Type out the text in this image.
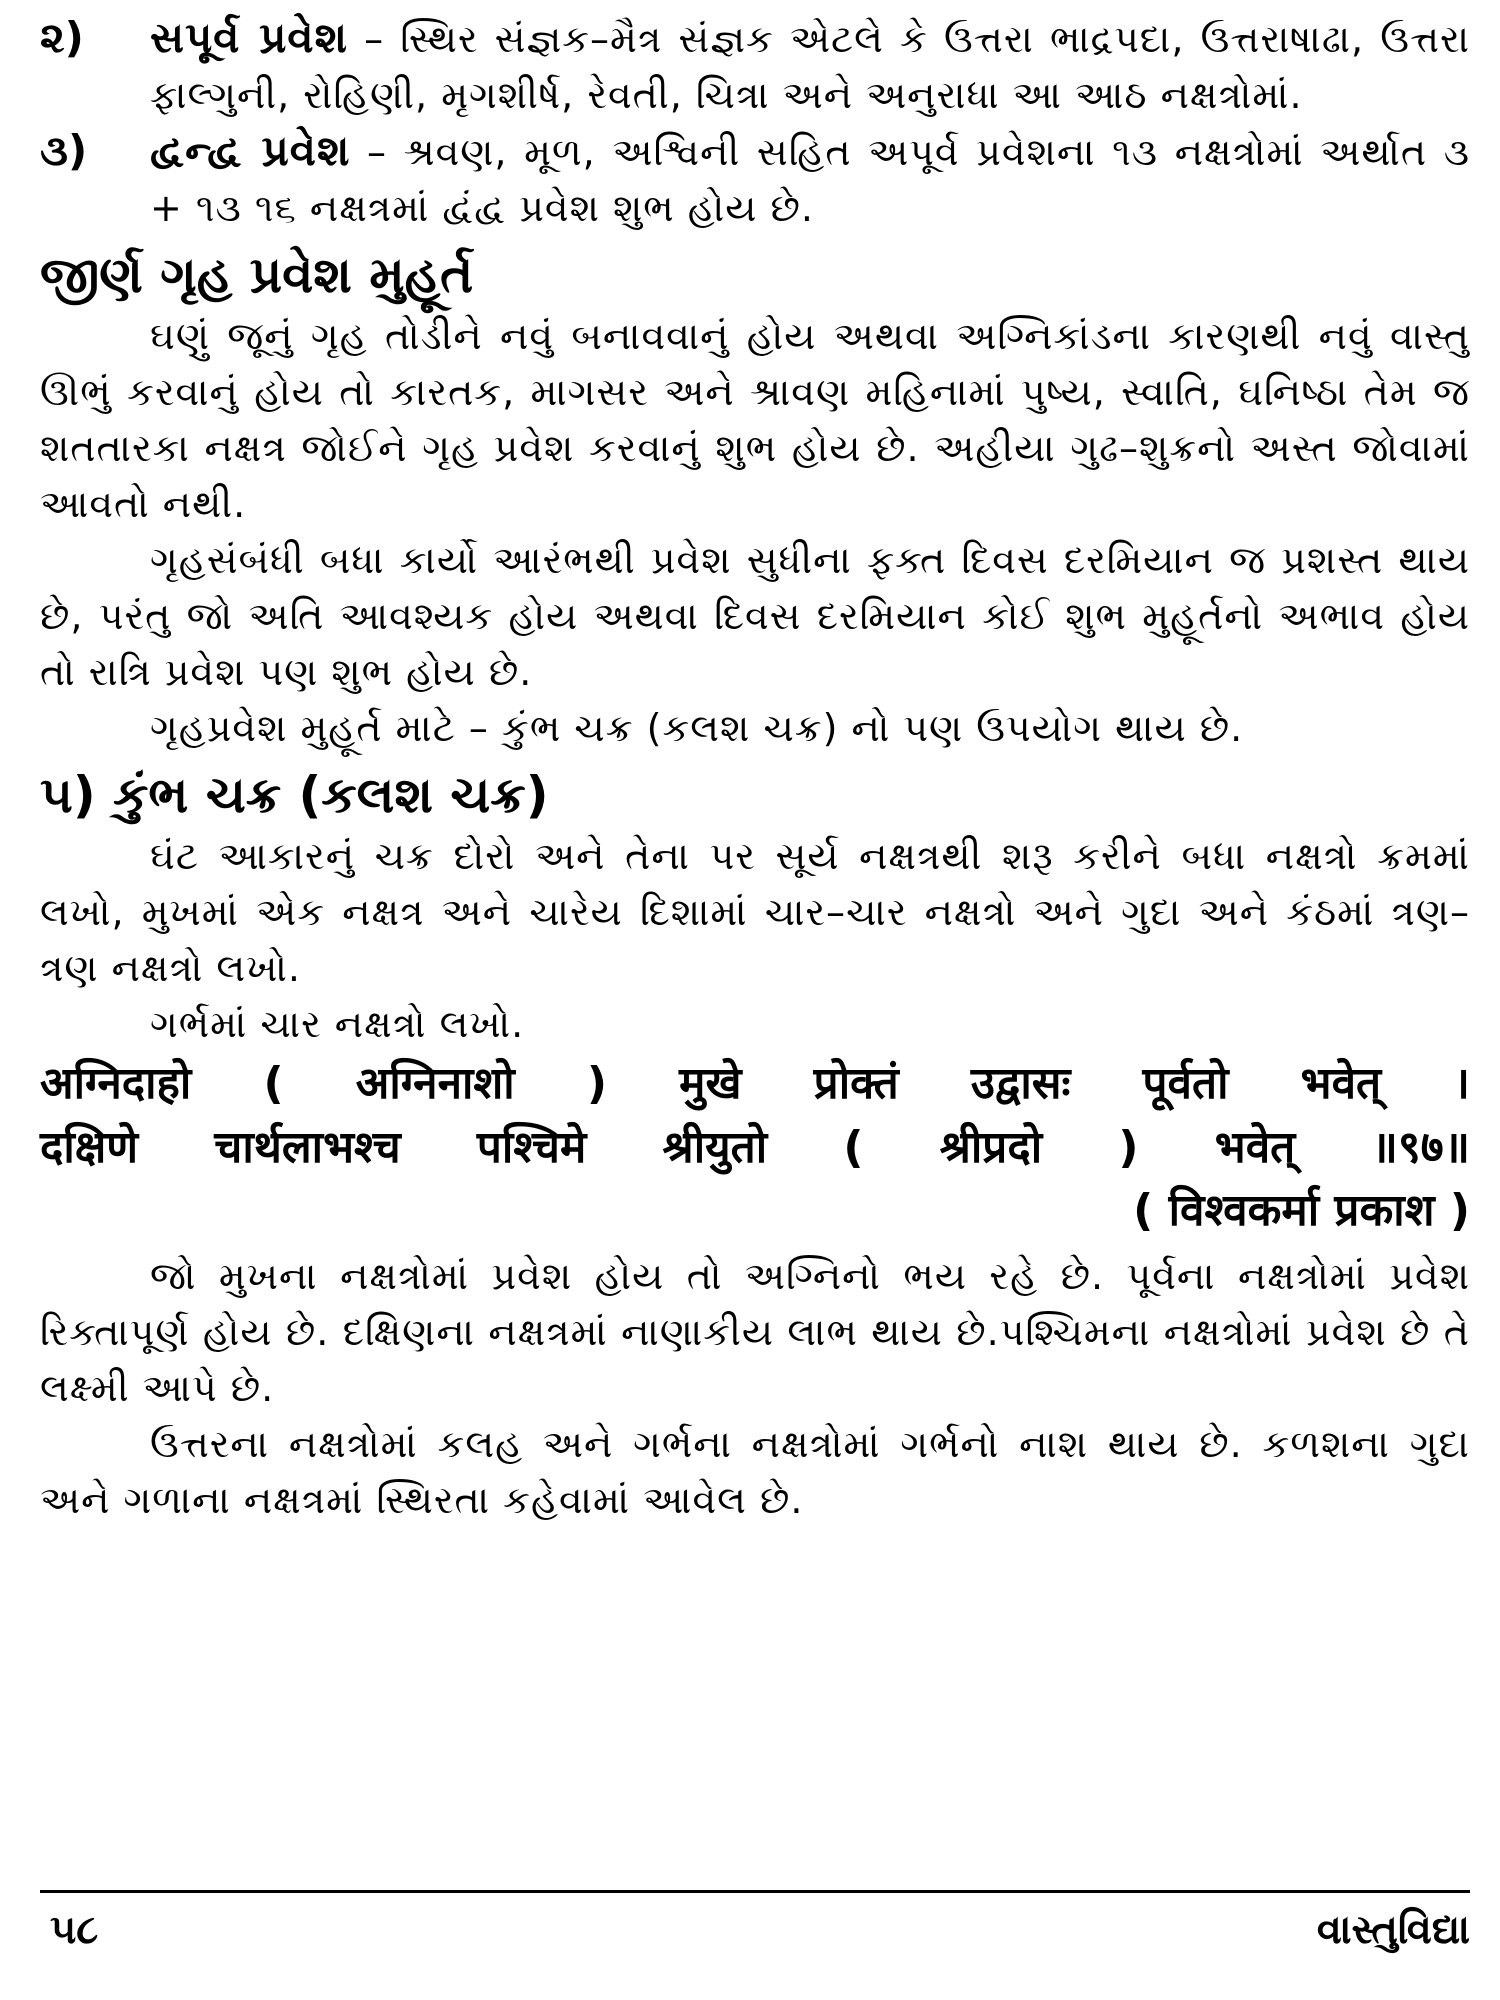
૨)	સપૂર્વ પ્રવેશ – સ્થિર સંજ્ઞક–મૈત્ર સંજ્ઞક એટલે કે ઉત્તરા ભાદ્રપદા, ઉત્તરાષાઢા, ઉત્તરા ફાલ્ગુની, રોહિણી, મૃગશીર્ષ, રેવતી, ચિત્રા અને અનુરાધા આ આઠ નક્ષત્રોમાં.
૩)	દ્વન્દ્વ પ્રવેશ – શ્રવણ, મૂળ, અશ્વિની સહિત અપૂર્વ પ્રવેશના ૧૩ નક્ષત્રોમાં અર્થાત ૩ + ૧૩ ૧૬ નક્ષત્રમાં દ્વંદ્વ પ્રવેશ શુભ હોય છે.
જીર્ણ ગૃહ પ્રવેશ મુહૂર્ત

ઘણું જૂનું ગૃહ તોડીને નવું બનાવવાનું હોય અથવા અગ્નિકાંડના કારણથી નવું વાસ્તુ ઊભું કરવાનું હોય તો કારતક, માગસર અને શ્રાવણ મહિનામાં પુષ્ય, સ્વાતિ, ઘનિષ્ઠા તેમ જ શતતારકા નક્ષત્ર જોઈને ગૃહ પ્રવેશ કરવાનું શુભ હોય છે. અહીયા ગુઢ–શુક્રનો અસ્ત જોવામાં આવતો નથી.

ગૃહસંબંધી બધા કાર્યો આરંભથી પ્રવેશ સુધીના ફક્ત દિવસ દરમિયાન જ પ્રશસ્ત થાય છે, પરંતુ જો અતિ આવશ્યક હોય અથવા દિવસ દરમિયાન કોઈ શુભ મુહૂર્તનો અભાવ હોય તો રાત્રિ પ્રવેશ પણ શુભ હોય છે.

ગૃહપ્રવેશ મુહૂર્ત માટે – કુંભ ચક્ર (કલશ ચક્ર) નો પણ ઉપયોગ થાય છે.

૫) કુંભ ચક્ર (કલશ ચક્ર)

ઘંટ આકારનું ચક્ર દોરો અને તેના પર સૂર્ય નક્ષત્રથી શરૂ કરીને બધા નક્ષત્રો ક્રમમાં લખો, મુખમાં એક નક્ષત્ર અને ચારેય દિશામાં ચાર–ચાર નક્ષત્રો અને ગુદા અને કંઠમાં ત્રણ–ત્રણ નક્ષત્રો લખો.

ગર્ભમાં ચાર નક્ષત્રો લખો.

अग्निदाहो ( अग्निनाशो ) मुखे प्रोक्तं उद्वासः पूर्वतो भवेत् ।

दक्षिणे चार्थलाभश्च पश्चिमे श्रीयुतो ( श्रीप्रदो ) भवेत् ॥९७॥

( विश्वकर्मा प्रकाश )

જો મુખના નક્ષત્રોમાં પ્રવેશ હોય તો અગ્નિનો ભય રહે છે. પૂર્વના નક્ષત્રોમાં પ્રવેશ રિક્તાપૂર્ણ હોય છે. દક્ષિણના નક્ષત્રમાં નાણાકીય લાભ થાય છે.પશ્ચિમના નક્ષત્રોમાં પ્રવેશ છે તે લક્ષ્મી આપે છે.

ઉત્તરના નક્ષત્રોમાં કલહ અને ગર્ભના નક્ષત્રોમાં ગર્ભનો નાશ થાય છે. કળશના ગુદા અને ગળાના નક્ષત્રમાં સ્થિરતા કહેવામાં આવેલ છે.

૫૮	વાસ્તુવિદ્યા
